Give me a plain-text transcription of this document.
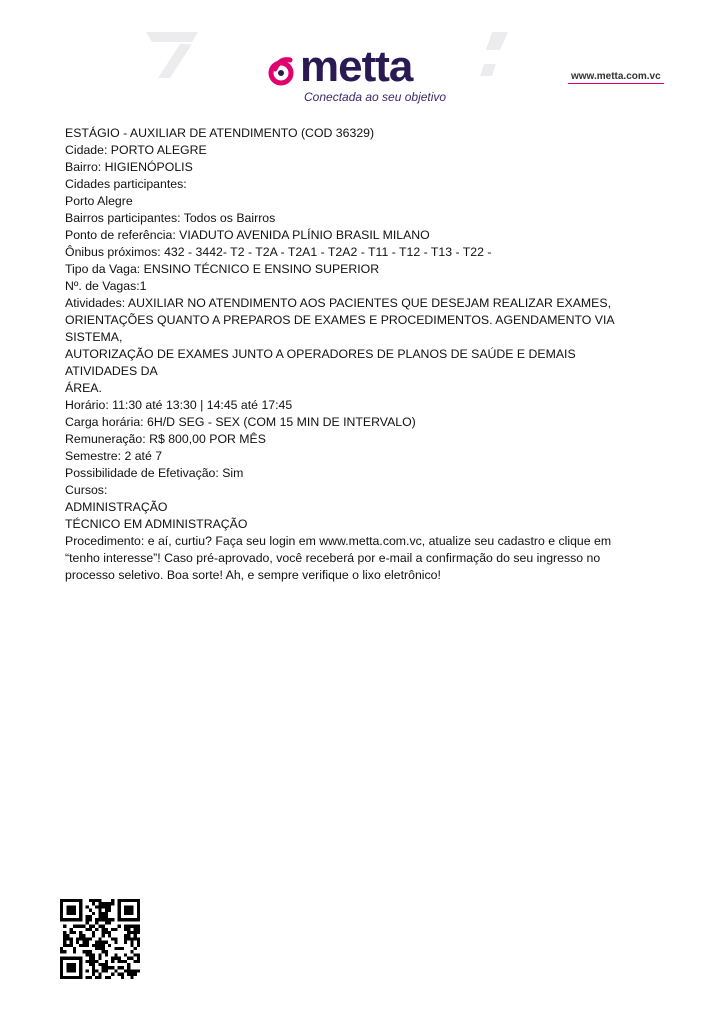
metta
Conectada ao seu objetivo
www.metta.com.vc

ESTÁGIO - AUXILIAR DE ATENDIMENTO (COD 36329)

Cidade: PORTO ALEGRE

Bairro: HIGIENÓPOLIS

Cidades participantes:

Porto Alegre

Bairros participantes: Todos os Bairros

Ponto de referência: VIADUTO AVENIDA PLÍNIO BRASIL MILANO

Ônibus próximos: 432 - 3442- T2 - T2A - T2A1 - T2A2 - T11 - T12 - T13 - T22 -

Tipo da Vaga: ENSINO TÉCNICO E ENSINO SUPERIOR

Nº. de Vagas:1

Atividades: AUXILIAR NO ATENDIMENTO AOS PACIENTES QUE DESEJAM REALIZAR EXAMES,

ORIENTAÇÕES QUANTO A PREPAROS DE EXAMES E PROCEDIMENTOS. AGENDAMENTO VIA SISTEMA,

AUTORIZAÇÃO DE EXAMES JUNTO A OPERADORES DE PLANOS DE SAÚDE E DEMAIS ATIVIDADES DA

ÁREA.

Horário: 11:30 até 13:30 | 14:45 até 17:45

Carga horária: 6H/D SEG - SEX (COM 15 MIN DE INTERVALO)

Remuneração: R$ 800,00 POR MÊS

Semestre: 2 até 7

Possibilidade de Efetivação: Sim

Cursos:

ADMINISTRAÇÃO

TÉCNICO EM ADMINISTRAÇÃO

Procedimento: e aí, curtiu? Faça seu login em www.metta.com.vc, atualize seu cadastro e clique em

“tenho interesse”! Caso pré-aprovado, você receberá por e-mail a confirmação do seu ingresso no

processo seletivo. Boa sorte! Ah, e sempre verifique o lixo eletrônico!
